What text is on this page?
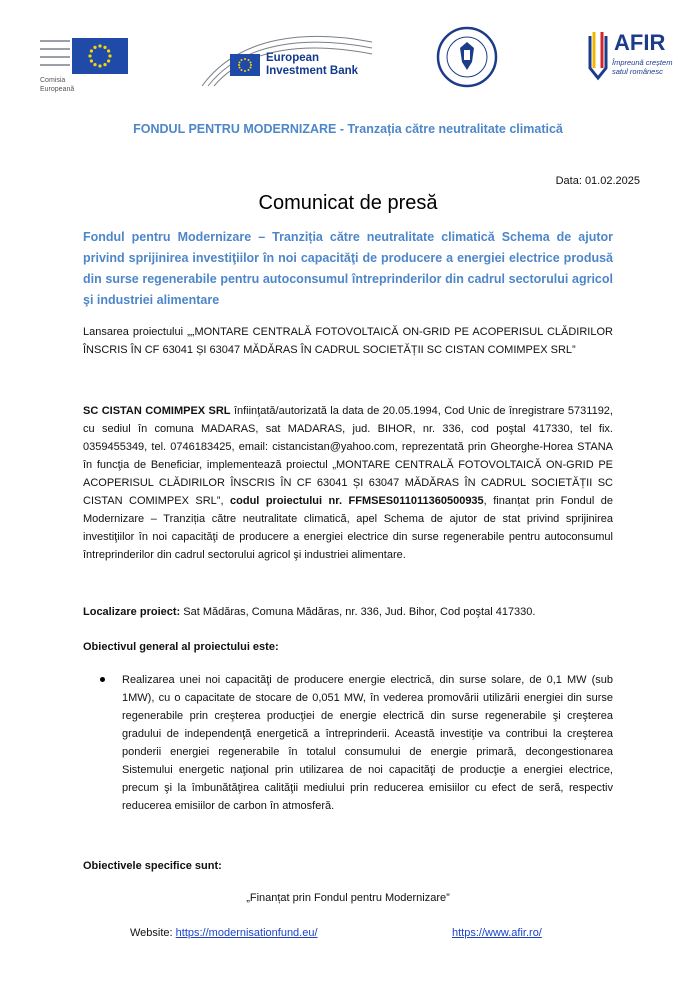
Comisia
Europeană
European
Investment Bank
AFIR
Împreună creștem
satul românesc
FONDUL PENTRU MODERNIZARE - Tranzația către neutralitate climatică
Data: 01.02.2025
Comunicat de presă
Fondul pentru Modernizare – Tranziția către neutralitate climatică Schema de ajutor privind sprijinirea investiţiilor în noi capacităţi de producere a energiei electrice produsă din surse regenerabile pentru autoconsumul întreprinderilor din cadrul sectorului agricol şi industriei alimentare
Lansarea proiectului „„MONTARE CENTRALĂ FOTOVOLTAICĂ ON-GRID PE ACOPERISUL CLĂDIRILOR ÎNSCRIS ÎN CF 63041 ȘI 63047 MĂDĂRAS ÎN CADRUL SOCIETĂȚII SC CISTAN COMIMPEX SRL”
SC CISTAN COMIMPEX SRL înfiinţată/autorizată la data de 20.05.1994, Cod Unic de înregistrare 5731192, cu sediul în comuna MADARAS, sat MADARAS, jud. BIHOR, nr. 336, cod poştal 417330, tel fix. 0359455349, tel. 0746183425, email: cistancistan@yahoo.com, reprezentată prin Gheorghe-Horea STANA în funcţia de Beneficiar, implementează proiectul „MONTARE CENTRALĂ FOTOVOLTAICĂ ON-GRID PE ACOPERISUL CLĂDIRILOR ÎNSCRIS ÎN CF 63041 ȘI 63047 MĂDĂRAS ÎN CADRUL SOCIETĂȚII SC CISTAN COMIMPEX SRL”, codul proiectului nr. FFMSES011011360500935, finanțat prin Fondul de Modernizare – Tranziția către neutralitate climatică, apel Schema de ajutor de stat privind sprijinirea investiţiilor în noi capacităţi de producere a energiei electrice din surse regenerabile pentru autoconsumul întreprinderilor din cadrul sectorului agricol şi industriei alimentare.
Localizare proiect: Sat Mădăras, Comuna Mădăras, nr. 336, Jud. Bihor, Cod poştal 417330.
Obiectivul general al proiectului este:
Realizarea unei noi capacităţi de producere energie electrică, din surse solare, de 0,1 MW (sub 1MW), cu o capacitate de stocare de 0,051 MW, în vederea promovării utilizării energiei din surse regenerabile prin creşterea producţiei de energie electrică din surse regenerabile şi creşterea gradului de independenţă energetică a întreprinderii. Această investiţie va contribui la creşterea ponderii energiei regenerabile în totalul consumului de energie primară, decongestionarea Sistemului energetic naţional prin utilizarea de noi capacităţi de producţie a energiei electrice, precum şi la îmbunătăţirea calităţii mediului prin reducerea emisiilor cu efect de seră, respectiv reducerea emisiilor de carbon în atmosferă.
Obiectivele specifice sunt:
„Finanțat prin Fondul pentru Modernizare”
Website: https://modernisationfund.eu/	https://www.afir.ro/
